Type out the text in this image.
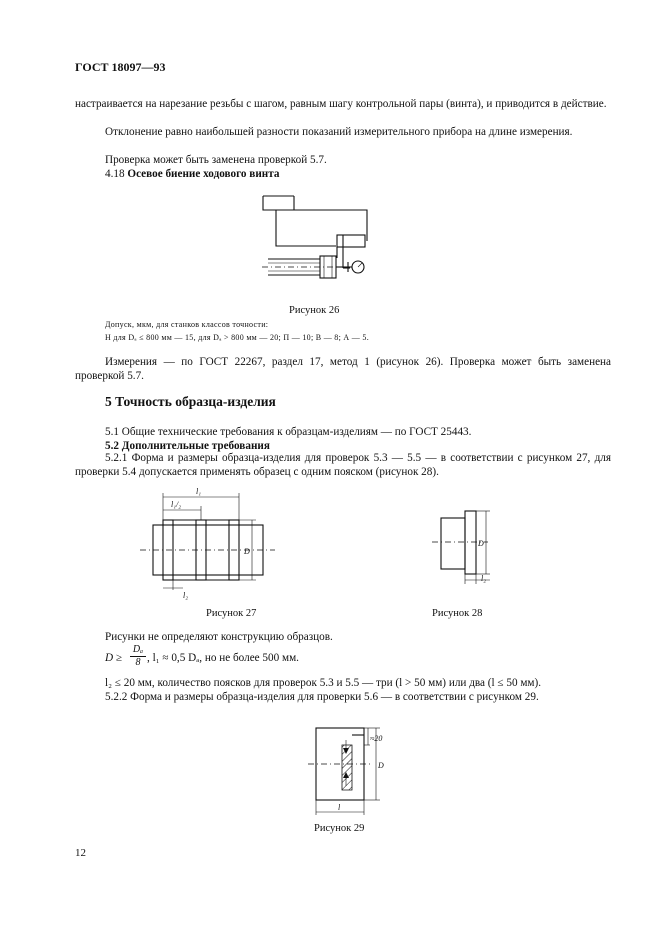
ГОСТ 18097—93

настраивается на нарезание резьбы с шагом, равным шагу контрольной пары (винта), и приводится в действие.

Отклонение равно наибольшей разности показаний измерительного прибора на длине измерения.

Проверка может быть заменена проверкой 5.7.

4.18 Осевое биение ходового винта
Рисунок 26
Допуск, мкм, для станков классов точности:
Н для Dₐ ≤ 800 мм — 15, для Dₐ > 800 мм — 20; П — 10; В — 8; А — 5.

Измерения — по ГОСТ 22267, раздел 17, метод 1 (рисунок 26). Проверка может быть заменена проверкой 5.7.

5 Точность образца-изделия

5.1 Общие технические требования к образцам-изделиям — по ГОСТ 25443.

5.2 Дополнительные требования

5.2.1 Форма и размеры образца-изделия для проверок 5.3 — 5.5 — в соответствии с рисунком 27, для проверки 5.4 допускается применять образец с одним пояском (рисунок 28).

l₁
l₁/₂
D
l₂
Рисунок 27
D
l₂
Рисунок 28

Рисунки не определяют конструкцию образцов.

D ≥
Dₐ
8 , l₁ ≈ 0,5 Dₐ, но не более 500 мм.

l₂ ≤ 20 мм, количество поясков для проверок 5.3 и 5.5 — три (l > 50 мм) или два (l ≤ 50 мм).

5.2.2 Форма и размеры образца-изделия для проверки 5.6 — в соответствии с рисунком 29.

≈20
D
l
Рисунок 29
12
